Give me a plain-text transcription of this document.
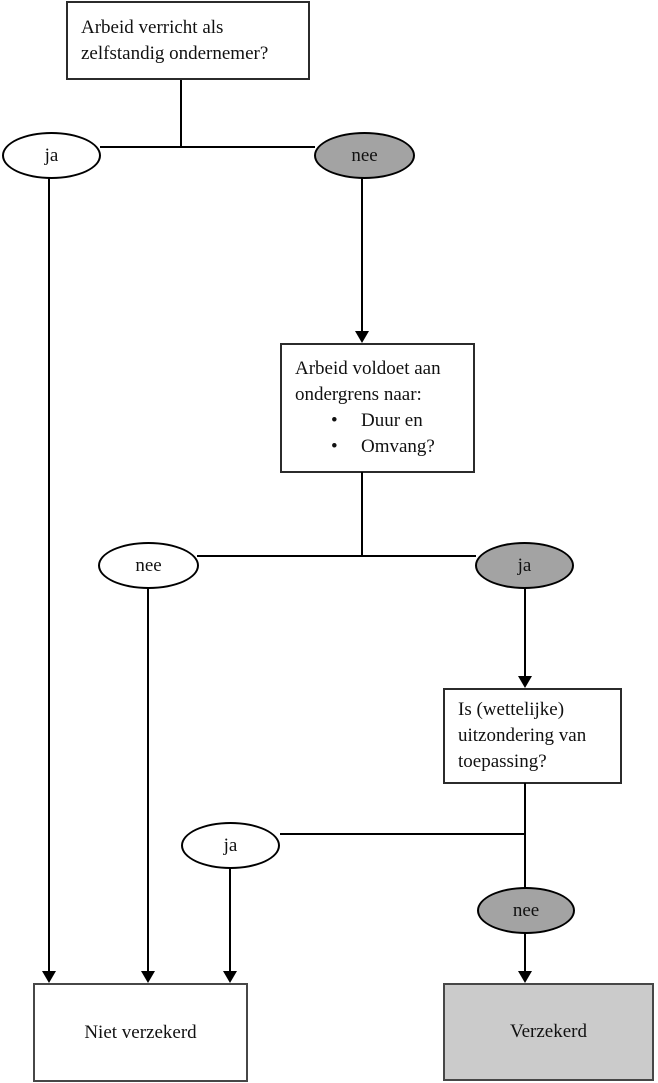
Arbeid verricht als
zelfstandig ondernemer?
ja	nee
Arbeid voldoet aan
ondergrens naar:
•	Duur en
•	Omvang?
nee	ja
Is (wettelijke)
uitzondering van
toepassing?
ja
nee
Niet verzekerd	Verzekerd
